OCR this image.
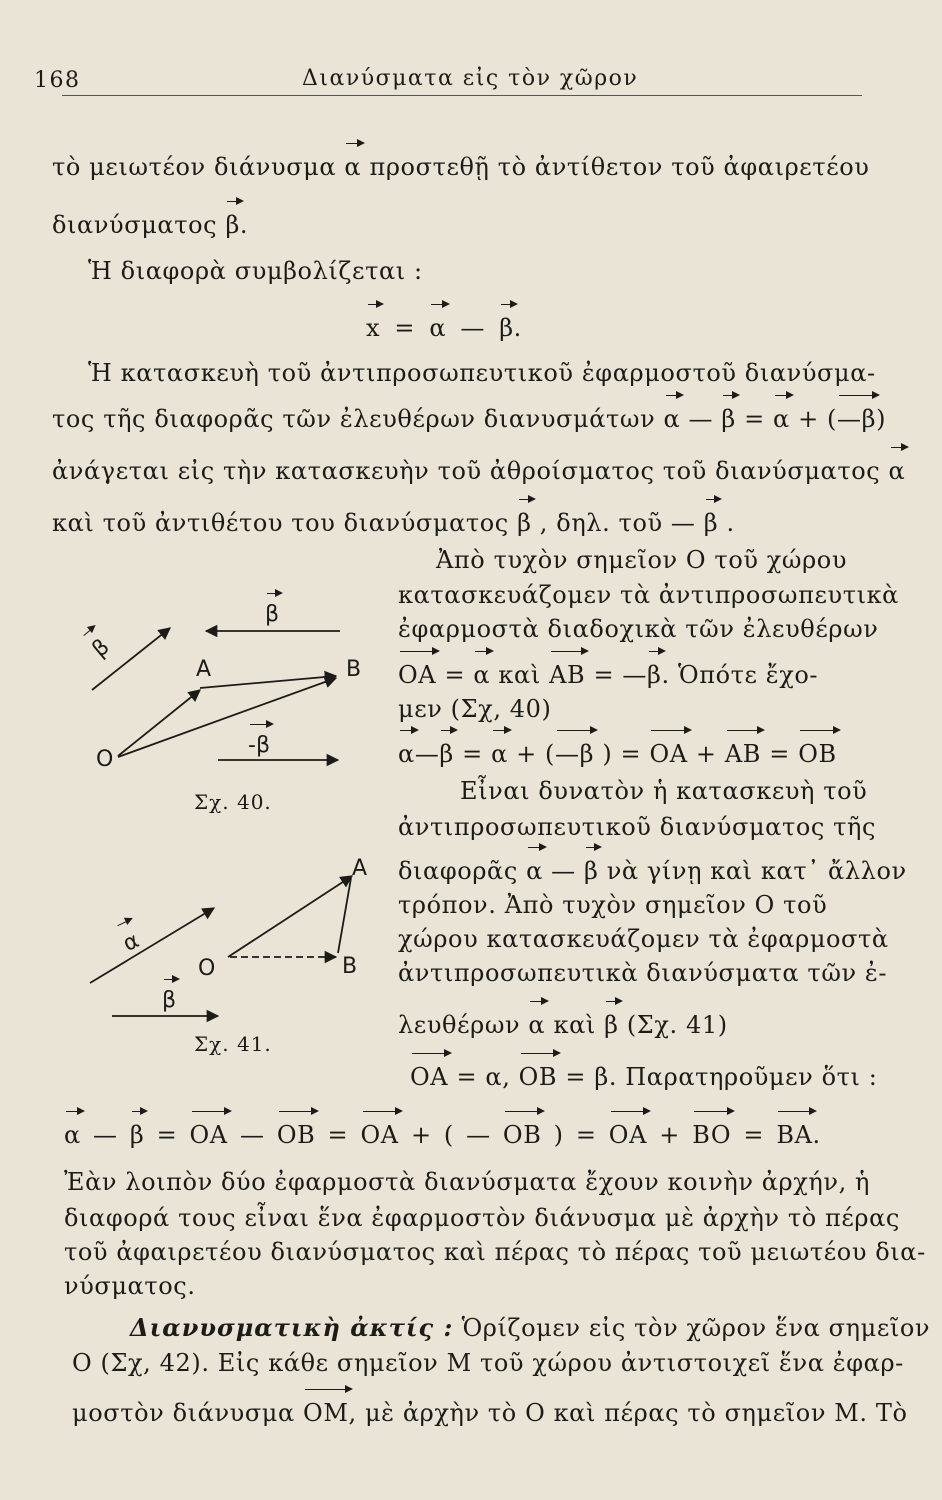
168	Διανύσματα εἰς τὸν χῶρον
τὸ μειωτέον διάνυσμα α προστεθῇ τὸ ἀντίθετον τοῦ ἀφαιρετέου
διανύσματος β.
Ἡ διαφορὰ συμβολίζεται :
x = α — β.
Ἡ κατασκευὴ τοῦ ἀντιπροσωπευτικοῦ ἐφαρμοστοῦ διανύσμα-
τος τῆς διαφορᾶς τῶν ἐλευθέρων διανυσμάτων α — β = α + (—β)
ἀνάγεται εἰς τὴν κατασκευὴν τοῦ ἀθροίσματος τοῦ διανύσματος α
καὶ τοῦ ἀντιθέτου του διανύσματος β , δηλ. τοῦ — β .
Ἀπὸ τυχὸν σημεῖον O τοῦ χώρου
κατασκευάζομεν τὰ ἀντιπροσωπευτικὰ
ἐφαρμοστὰ διαδοχικὰ τῶν ἐλευθέρων
OA = α καὶ AB = —β. Ὁπότε ἔχο-
μεν (Σχ, 40)
α—β = α + (—β ) = OA + AB = OB
Εἶναι δυνατὸν ἡ κατασκευὴ τοῦ
ἀντιπροσωπευτικοῦ διανύσματος τῆς
διαφορᾶς α — β νὰ γίνῃ καὶ κατ᾽ ἄλλον
τρόπον. Ἀπὸ τυχὸν σημεῖον O τοῦ
χώρου κατασκευάζομεν τὰ ἐφαρμοστὰ
ἀντιπροσωπευτικὰ διανύσματα τῶν ἐ-
λευθέρων α καὶ β (Σχ. 41)
OA = α, OB = β. Παρατηροῦμεν ὅτι :
α — β = OA — OB = OA + ( — OB ) = OA + BO = BA.
Ἐὰν λοιπὸν δύο ἐφαρμοστὰ διανύσματα ἔχουν κοινὴν ἀρχήν, ἡ
διαφορά τους εἶναι ἕνα ἐφαρμοστὸν διάνυσμα μὲ ἀρχὴν τὸ πέρας
τοῦ ἀφαιρετέου διανύσματος καὶ πέρας τὸ πέρας τοῦ μειωτέου δια-
νύσματος.
Διανυσματικὴ ἀκτίς : Ὁρίζομεν εἰς τὸν χῶρον ἕνα σημεῖον
O (Σχ, 42). Εἰς κάθε σημεῖον M τοῦ χώρου ἀντιστοιχεῖ ἕνα ἐφαρ-
μοστὸν διάνυσμα OM, μὲ ἀρχὴν τὸ O καὶ πέρας τὸ σημεῖον M. Τὸ
β
β
A	B
O
-β
Σχ. 40.
A
O	B
α
β
Σχ. 41.
